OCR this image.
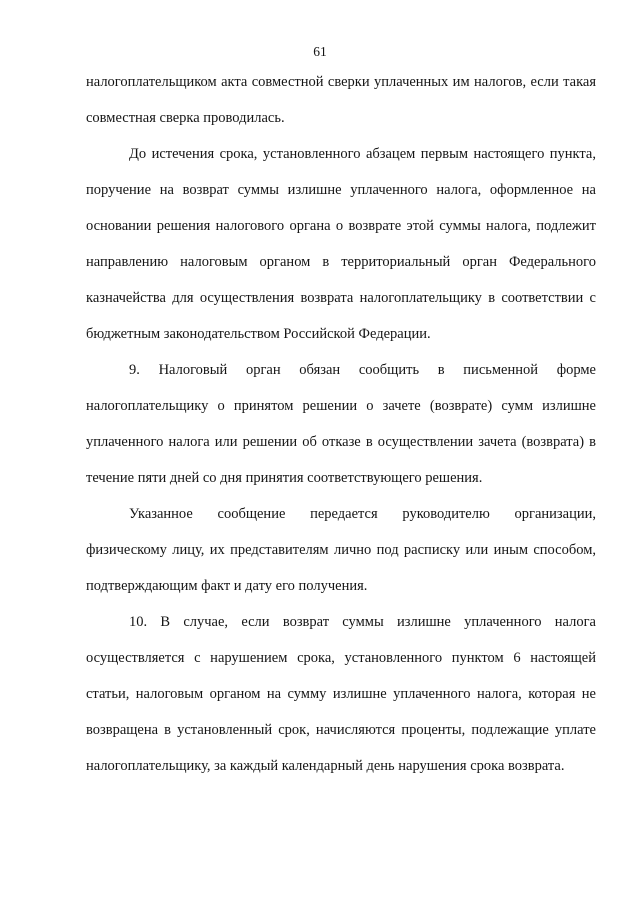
61

налогоплательщиком акта совместной сверки уплаченных им налогов, если такая совместная сверка проводилась.

До истечения срока, установленного абзацем первым настоящего пункта, поручение на возврат суммы излишне уплаченного налога, оформленное на основании решения налогового органа о возврате этой суммы налога, подлежит направлению налоговым органом в территориальный орган Федерального казначейства для осуществления возврата налогоплательщику в соответствии с бюджетным законодательством Российской Федерации.

9. Налоговый орган обязан сообщить в письменной форме налогоплательщику о принятом решении о зачете (возврате) сумм излишне уплаченного налога или решении об отказе в осуществлении зачета (возврата) в течение пяти дней со дня принятия соответствующего решения.

Указанное сообщение передается руководителю организации, физическому лицу, их представителям лично под расписку или иным способом, подтверждающим факт и дату его получения.

10. В случае, если возврат суммы излишне уплаченного налога осуществляется с нарушением срока, установленного пунктом 6 настоящей статьи, налоговым органом на сумму излишне уплаченного налога, которая не возвращена в установленный срок, начисляются проценты, подлежащие уплате налогоплательщику, за каждый календарный день нарушения срока возврата.
